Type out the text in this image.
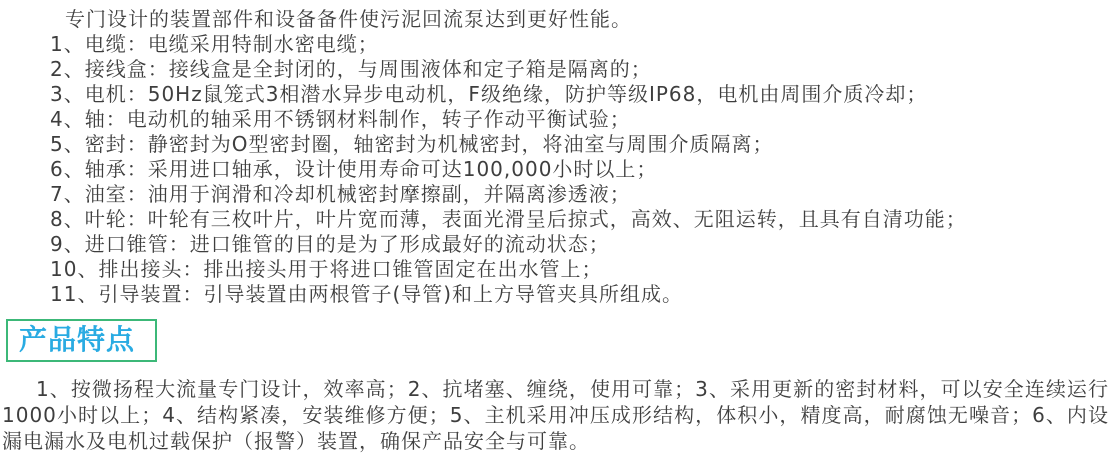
专门设计的装置部件和设备备件使污泥回流泵达到更好性能。

1、电缆：电缆采用特制水密电缆；
2、接线盒：接线盒是全封闭的，与周围液体和定子箱是隔离的；
3、电机：50Hz鼠笼式3相潜水异步电动机，F级绝缘，防护等级IP68，电机由周围介质冷却；
4、轴：电动机的轴采用不锈钢材料制作，转子作动平衡试验；
5、密封：静密封为O型密封圈，轴密封为机械密封，将油室与周围介质隔离；
6、轴承：采用进口轴承，设计使用寿命可达100,000小时以上；
7、油室：油用于润滑和冷却机械密封摩擦副，并隔离渗透液；
8、叶轮：叶轮有三枚叶片，叶片宽而薄，表面光滑呈后掠式，高效、无阻运转，且具有自清功能；
9、进口锥管：进口锥管的目的是为了形成最好的流动状态；
10、排出接头：排出接头用于将进口锥管固定在出水管上；
11、引导装置：引导装置由两根管子(导管)和上方导管夹具所组成。
产品特点

1、按微扬程大流量专门设计，效率高；2、抗堵塞、缠绕，使用可靠；3、采用更新的密封材料，可以安全连续运行1000小时以上；4、结构紧凑，安装维修方便；5、主机采用冲压成形结构，体积小，精度高，耐腐蚀无噪音；6、内设漏电漏水及电机过载保护（报警）装置，确保产品安全与可靠。
